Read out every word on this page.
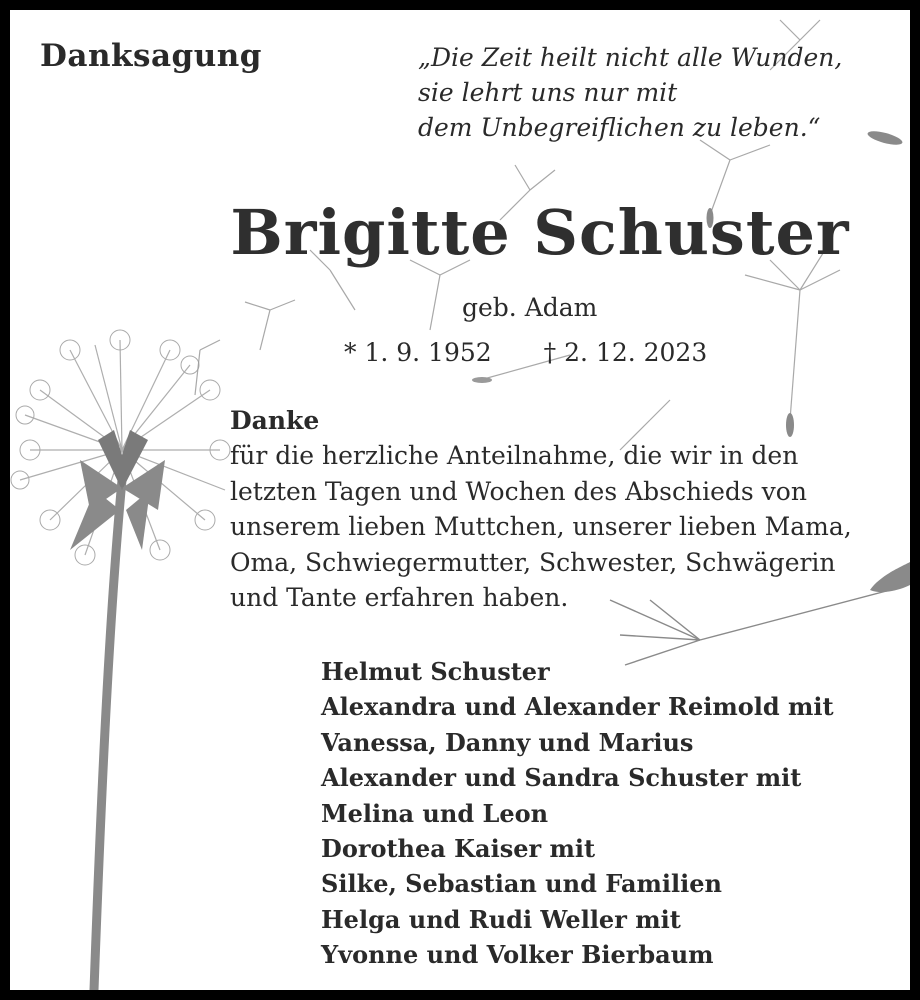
Danksagung	„Die Zeit heilt nicht alle Wunden,
sie lehrt uns nur mit
dem Unbegreiflichen zu leben.“
Brigitte Schuster
geb. Adam
* 1. 9. 1952 † 2. 12. 2023
Danke
für die herzliche Anteilnahme, die wir in den
letzten Tagen und Wochen des Abschieds von
unserem lieben Muttchen, unserer lieben Mama,
Oma, Schwiegermutter, Schwester, Schwägerin
und Tante erfahren haben.
Helmut Schuster
Alexandra und Alexander Reimold mit
Vanessa, Danny und Marius
Alexander und Sandra Schuster mit
Melina und Leon
Dorothea Kaiser mit
Silke, Sebastian und Familien
Helga und Rudi Weller mit
Yvonne und Volker Bierbaum
